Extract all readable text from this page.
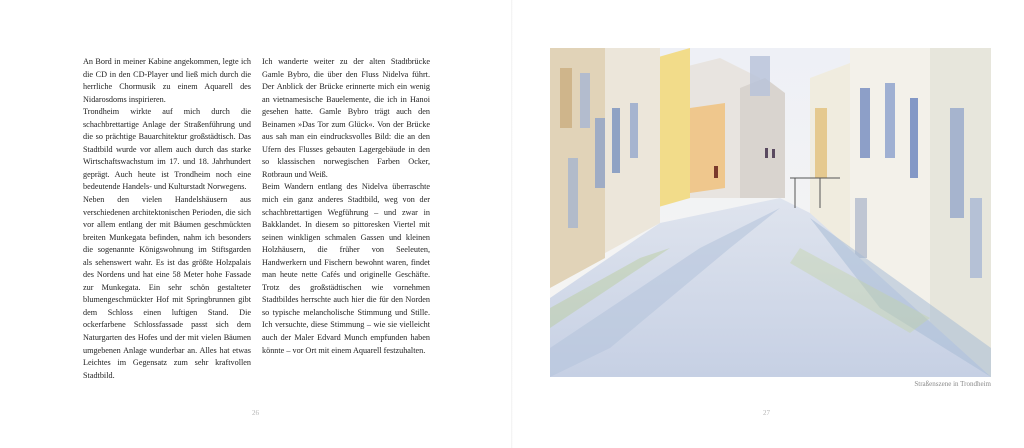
An Bord in meiner Kabine angekommen, legte ich die CD in den CD-Player und ließ mich durch die herrliche Chormusik zu einem Aquarell des Nidarosdoms inspirieren.

Trondheim wirkte auf mich durch die schachbrettartige Anlage der Straßenführung und die so prächtige Bauarchitektur großstädtisch. Das Stadtbild wurde vor allem auch durch das starke Wirtschaftswachstum im 17. und 18. Jahrhundert geprägt. Auch heute ist Trondheim noch eine bedeutende Handels- und Kulturstadt Norwegens.

Neben den vielen Handelshäusern aus verschiedenen architektonischen Perioden, die sich vor allem entlang der mit Bäumen geschmückten breiten Munkegata befinden, nahm ich besonders die sogenannte Königswohnung im Stiftsgarden als sehenswert wahr. Es ist das größte Holzpalais des Nordens und hat eine 58 Meter hohe Fassade zur Munkegata. Ein sehr schön gestalteter blumengeschmückter Hof mit Springbrunnen gibt dem Schloss einen luftigen Stand. Die ockerfarbene Schlossfassade passt sich dem Naturgarten des Hofes und der mit vielen Bäumen umgebenen Anlage wunderbar an. Alles hat etwas Leichtes im Gegensatz zum sehr kraftvollen Stadtbild.

Ich wanderte weiter zu der alten Stadtbrücke Gamle Bybro, die über den Fluss Nidelva führt. Der Anblick der Brücke erinnerte mich ein wenig an vietnamesische Bauelemente, die ich in Hanoi gesehen hatte. Gamle Bybro trägt auch den Beinamen »Das Tor zum Glück«. Von der Brücke aus sah man ein eindrucksvolles Bild: die an den Ufern des Flusses gebauten Lagergebäude in den so klassischen norwegischen Farben Ocker, Rotbraun und Weiß.

Beim Wandern entlang des Nidelva überraschte mich ein ganz anderes Stadtbild, weg von der schachbrettartigen Wegführung – und zwar in Bakklandet. In diesem so pittoresken Viertel mit seinen winkligen schmalen Gassen und kleinen Holzhäusern, die früher von Seeleuten, Handwerkern und Fischern bewohnt waren, findet man heute nette Cafés und originelle Geschäfte. Trotz des großstädtischen wie vornehmen Stadtbildes herrschte auch hier die für den Norden so typische melancholische Stimmung und Stille. Ich versuchte, diese Stimmung – wie sie vielleicht auch der Maler Edvard Munch empfunden haben könnte – vor Ort mit einem Aquarell festzuhalten.

26
Straßenszene in Trondheim
27
